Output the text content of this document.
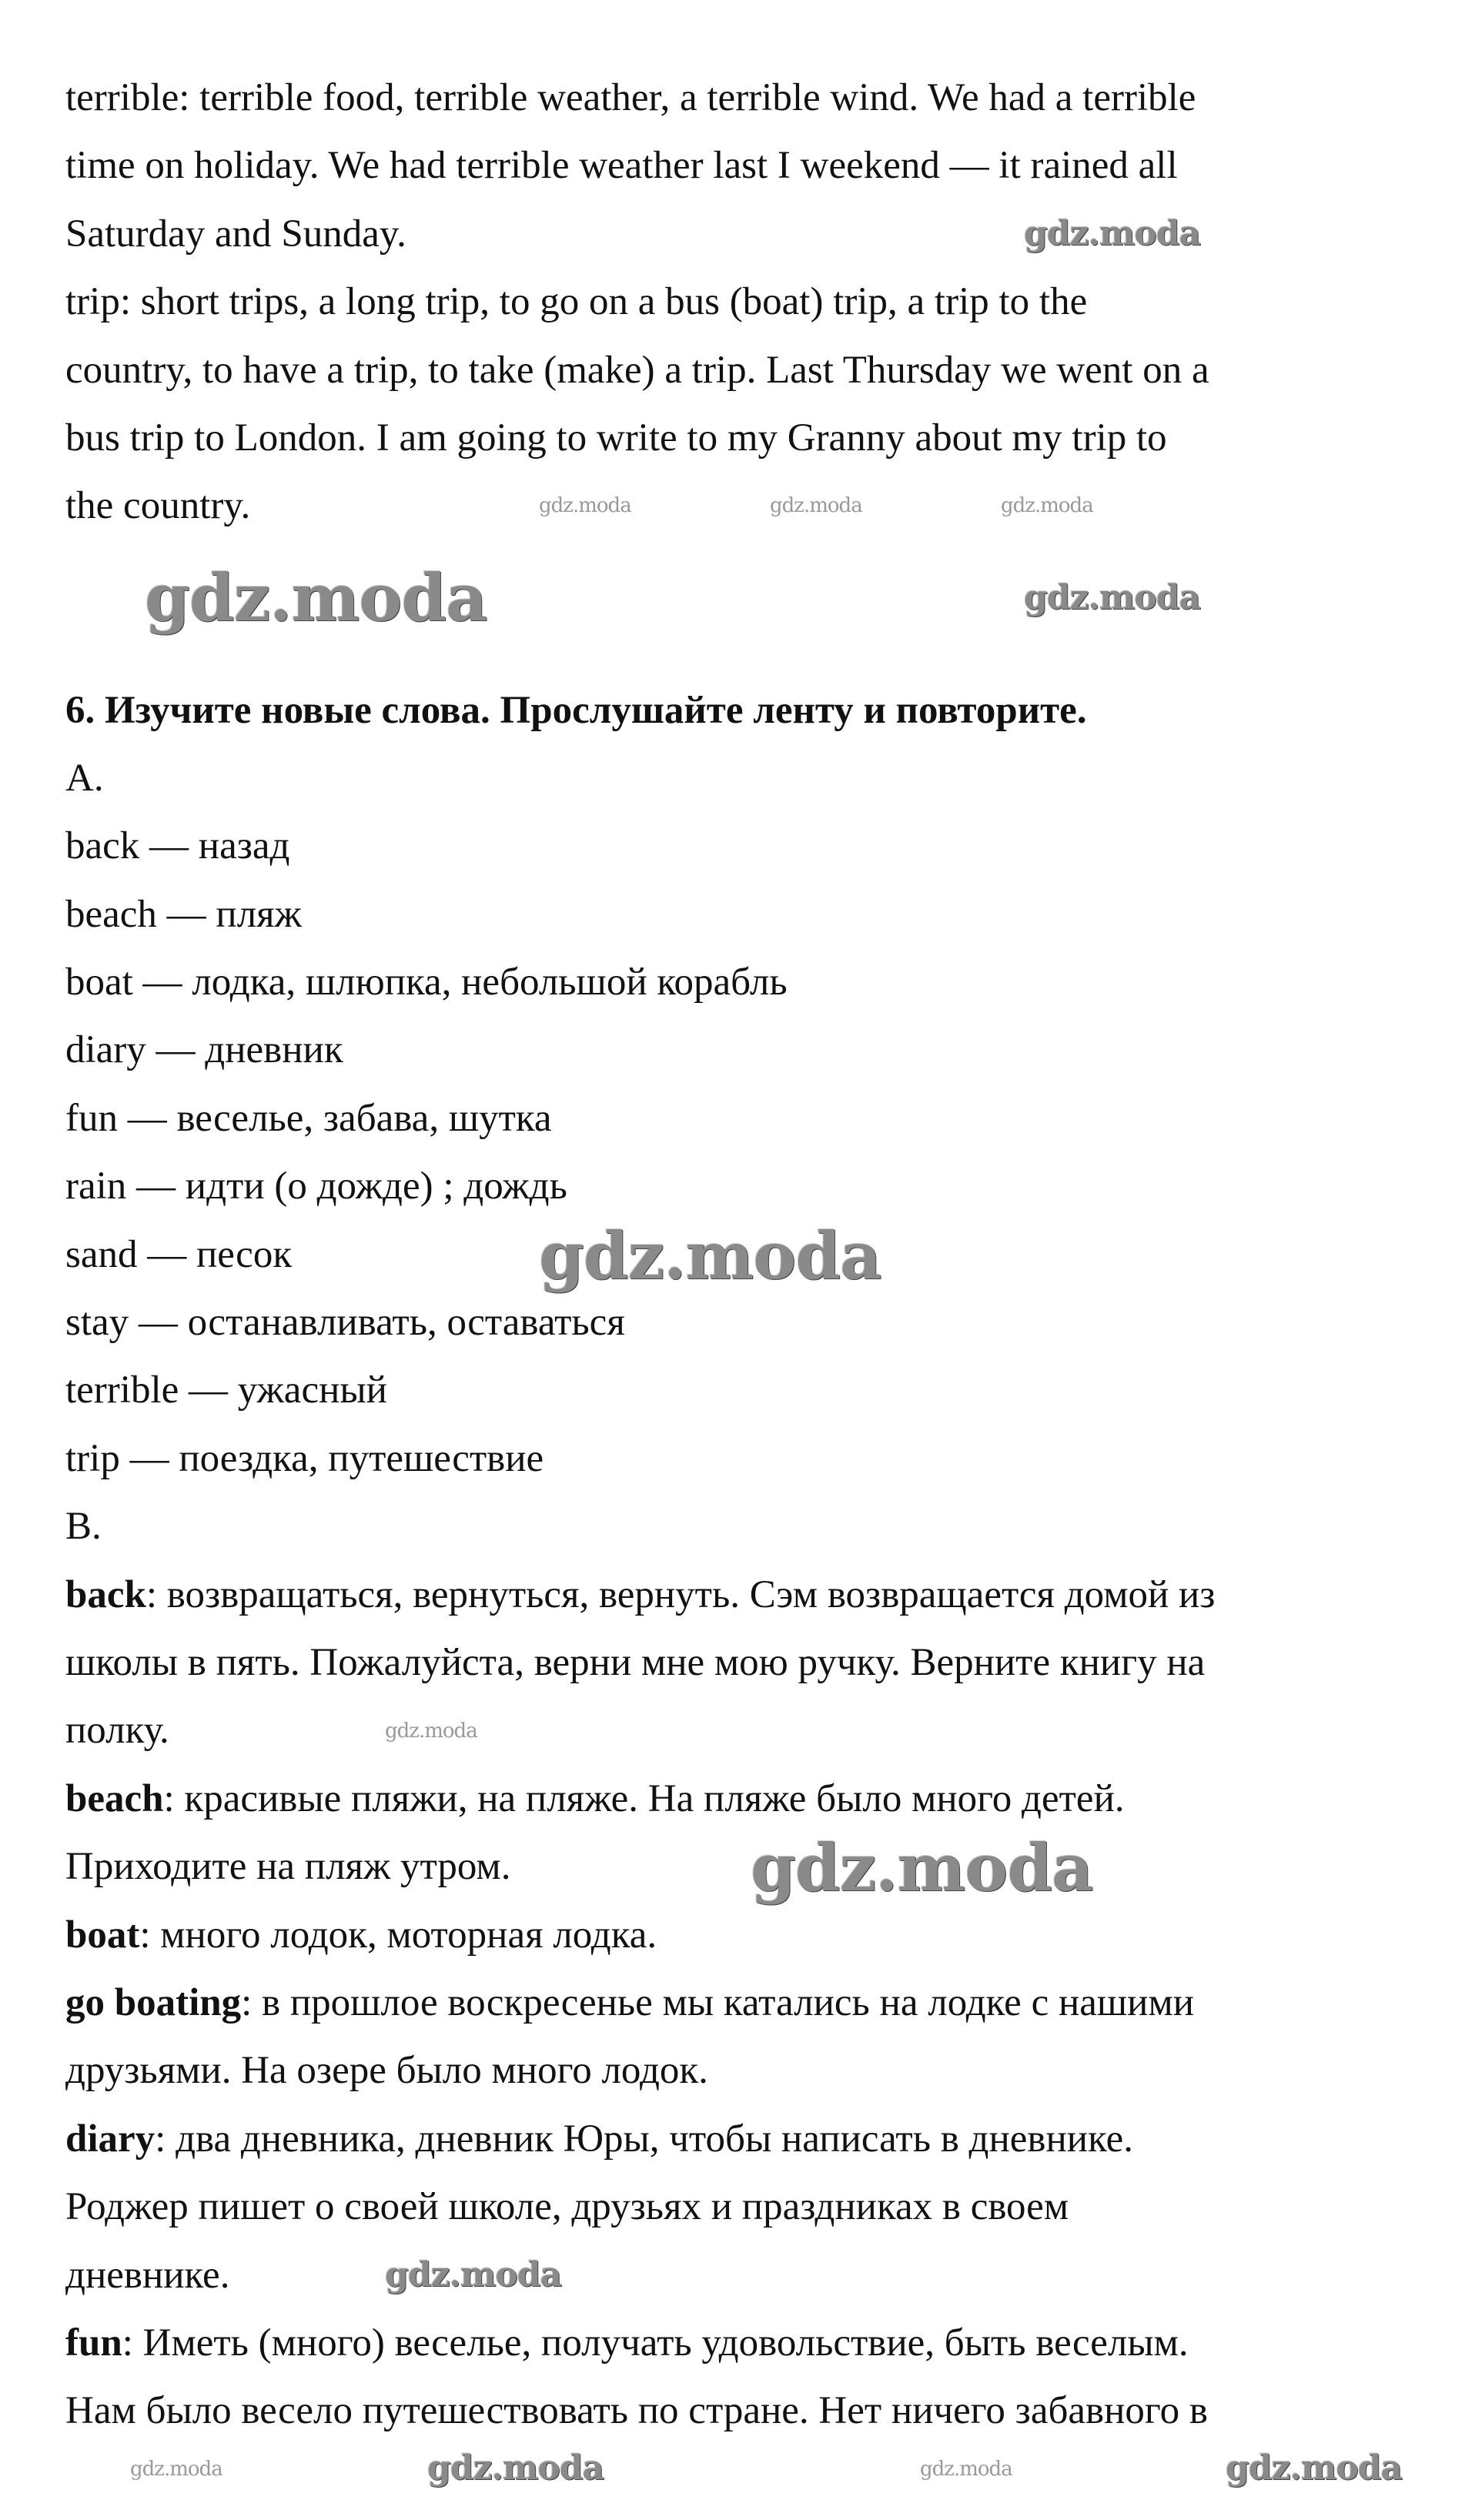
terrible: terrible food, terrible weather, a terrible wind. We had a terrible
time on holiday. We had terrible weather last I weekend — it rained all
Saturday and Sunday.
trip: short trips, a long trip, to go on a bus (boat) trip, a trip to the
country, to have a trip, to take (make) a trip. Last Thursday we went on a
bus trip to London. I am going to write to my Granny about my trip to
the country.
6. Изучите новые слова. Прослушайте ленту и повторите.
A.
back — назад
beach — пляж
boat — лодка, шлюпка, небольшой корабль
diary — дневник
fun — веселье, забава, шутка
rain — идти (о дожде) ; дождь
sand — песок
stay — останавливать, оставаться
terrible — ужасный
trip — поездка, путешествие
B.
back: возвращаться, вернуться, вернуть. Сэм возвращается домой из
школы в пять. Пожалуйста, верни мне мою ручку. Верните книгу на
полку.
beach: красивые пляжи, на пляже. На пляже было много детей.
Приходите на пляж утром.
boat: много лодок, моторная лодка.
go boating: в прошлое воскресенье мы катались на лодке с нашими
друзьями. На озере было много лодок.
diary: два дневника, дневник Юры, чтобы написать в дневнике.
Роджер пишет о своей школе, друзьях и праздниках в своем
дневнике.
fun: Иметь (много) веселье, получать удовольствие, быть веселым.
Нам было весело путешествовать по стране. Нет ничего забавного в
gdz.moda	gdz.moda	gdz.moda
gdz.moda
gdz.moda	gdz.moda
gdz.moda
gdz.moda
gdz.moda
gdz.moda
gdz.moda	gdz.moda	gdz.moda	gdz.moda
